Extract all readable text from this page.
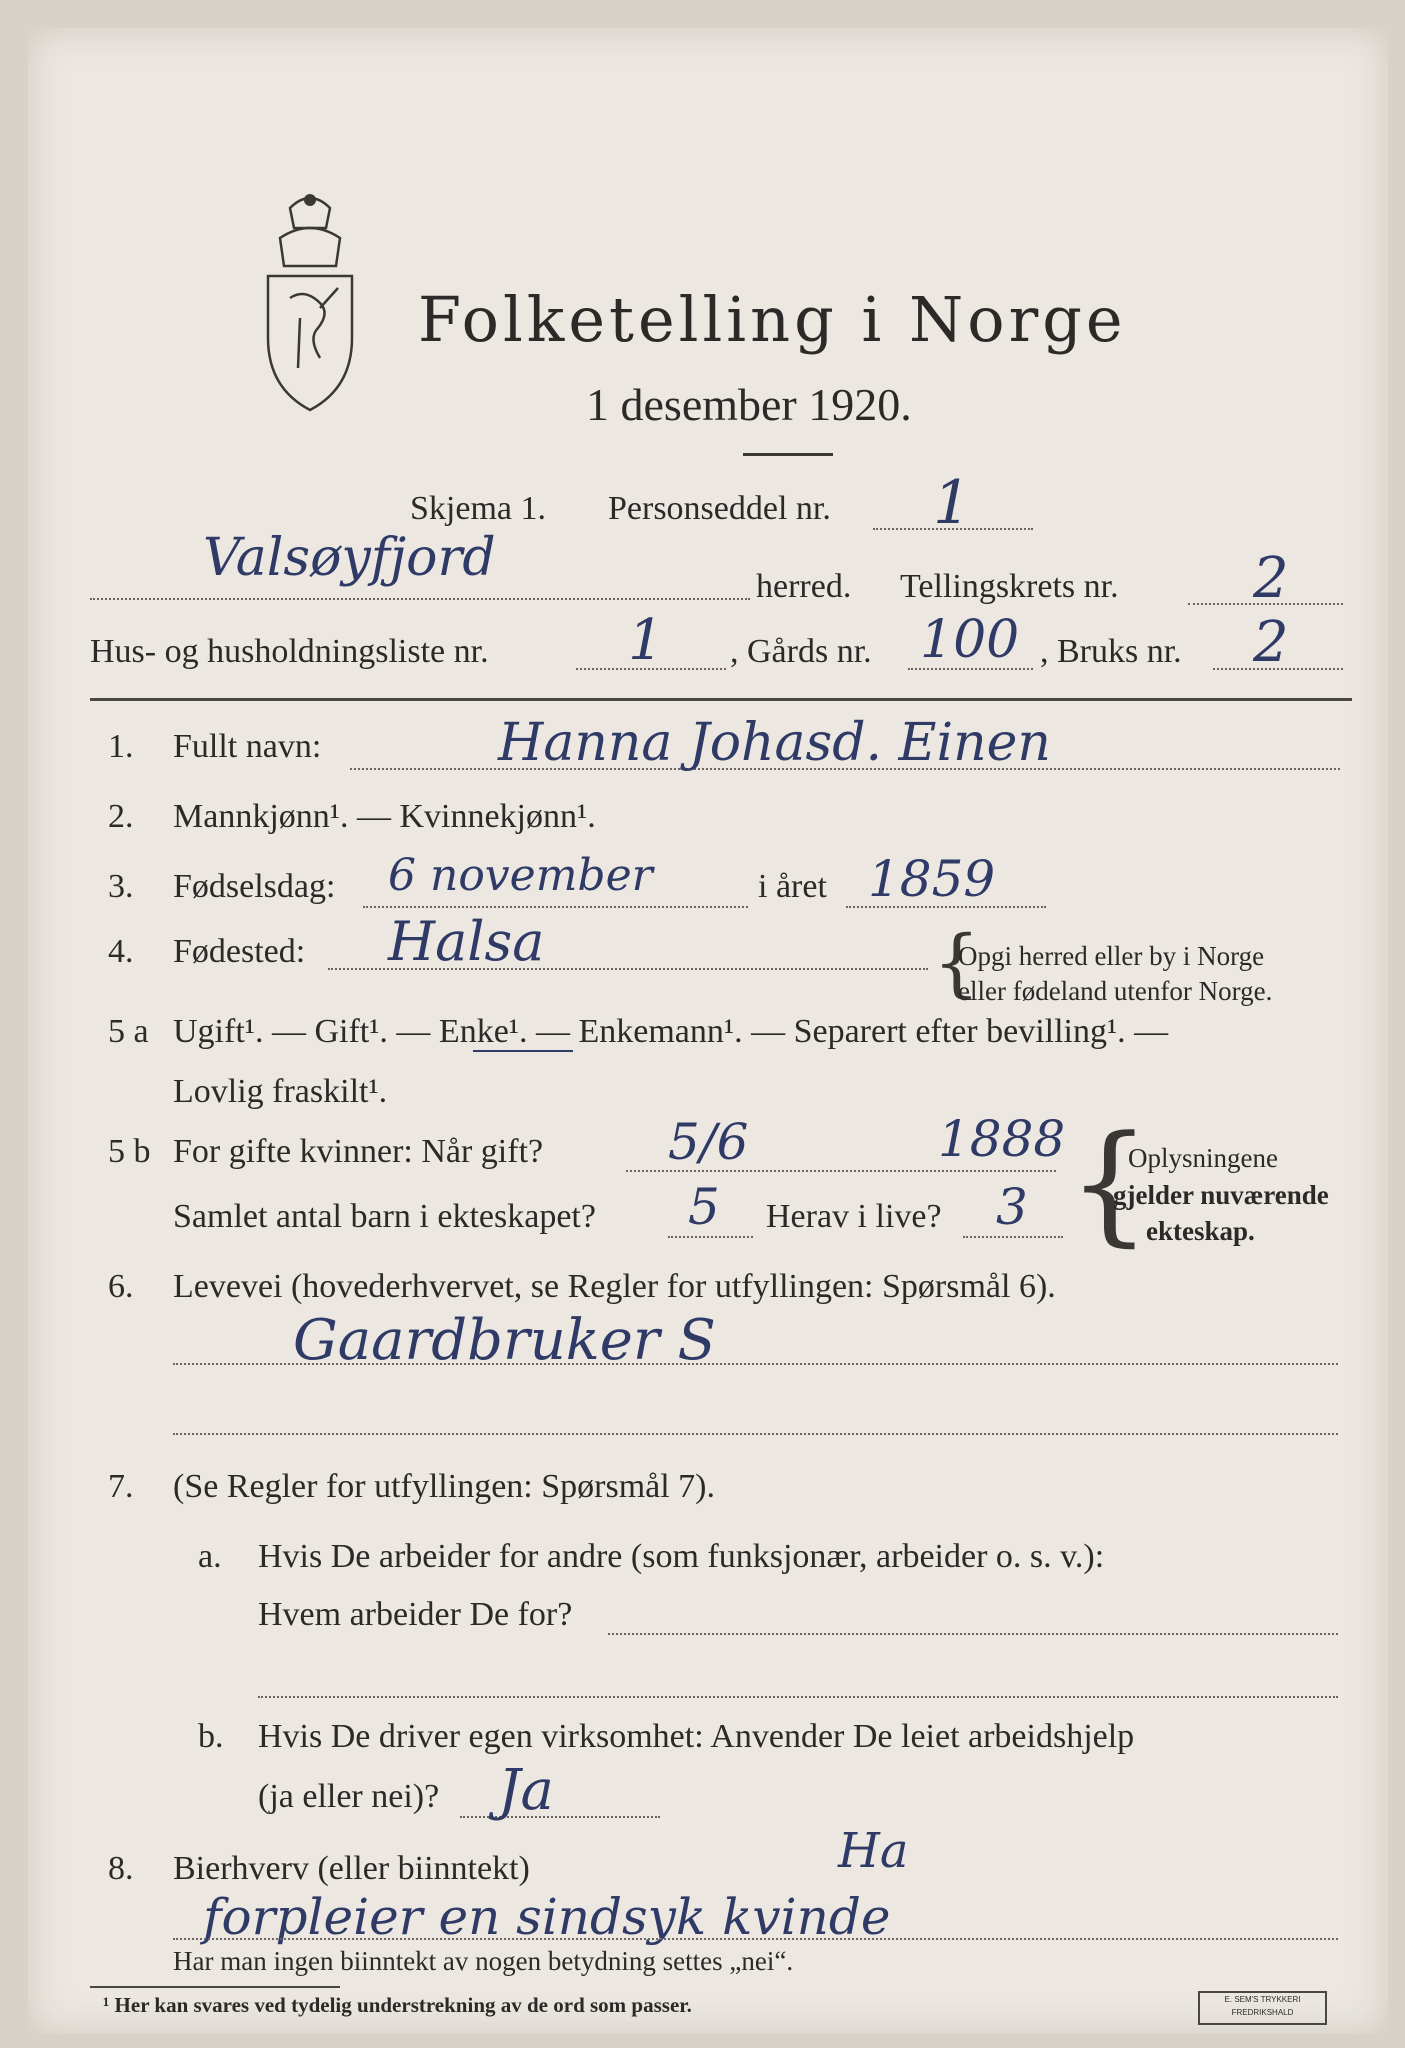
Folketelling i Norge
1 desember 1920.
Skjema 1. Personseddel nr. 1
Valsøyfjord	herred. Tellingskrets nr. 2
Hus- og husholdningsliste nr. 1 , Gårds nr. 100 , Bruks nr. 2
1. Fullt navn:	Hanna Johasd. Einen
2. Mannkjønn¹. — Kvinnekjønn¹.
3. Fødselsdag: 6 november	i året 1859
4. Fødested: Halsa	{
Opgi herred eller by i Norge
eller fødeland utenfor Norge.
5 a Ugift¹. — Gift¹. — Enke¹. — Enkemann¹. — Separert efter bevilling¹. —
Lovlig fraskilt¹.
5 b For gifte kvinner: Når gift? 5/6	1888
Samlet antal barn i ekteskapet? 5 Herav i live? 3 {
Oplysningene
gjelder nuværende
ekteskap.
6. Levevei (hovederhvervet, se Regler for utfyllingen: Spørsmål 6).
Gaardbruker S
7. (Se Regler for utfyllingen: Spørsmål 7).
a. Hvis De arbeider for andre (som funksjonær, arbeider o. s. v.):
Hvem arbeider De for?
b. Hvis De driver egen virksomhet: Anvender De leiet arbeidshjelp
(ja eller nei)? Ja
8. Bierhverv (eller biinntekt)	Ha
forpleier en sindsyk kvinde
Har man ingen biinntekt av nogen betydning settes „nei“.
¹ Her kan svares ved tydelig understrekning av de ord som passer.	E. SEM'S TRYKKERI FREDRIKSHALD
